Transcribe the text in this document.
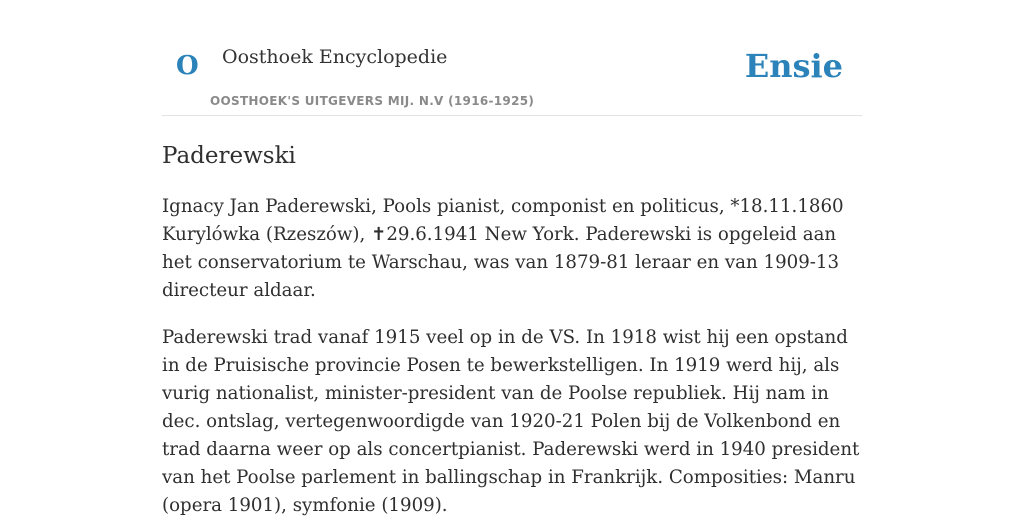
O Oosthoek Encyclopedie
OOSTHOEK'S UITGEVERS MIJ. N.V (1916-1925)
Ensie
Paderewski

Ignacy Jan Paderewski, Pools pianist, componist en politicus, *18.11.1860 Kurylówka (Rzeszów), ✝29.6.1941 New York. Paderewski is opgeleid aan het conservatorium te Warschau, was van 1879-81 leraar en van 1909-13 directeur aldaar.

Paderewski trad vanaf 1915 veel op in de VS. In 1918 wist hij een opstand in de Pruisische provincie Posen te bewerkstelligen. In 1919 werd hij, als vurig nationalist, minister-president van de Poolse republiek. Hij nam in dec. ontslag, vertegenwoordigde van 1920-21 Polen bij de Volkenbond en trad daarna weer op als concertpianist. Paderewski werd in 1940 president van het Poolse parlement in ballingschap in Frankrijk. Composities: Manru (opera 1901), symfonie (1909).
